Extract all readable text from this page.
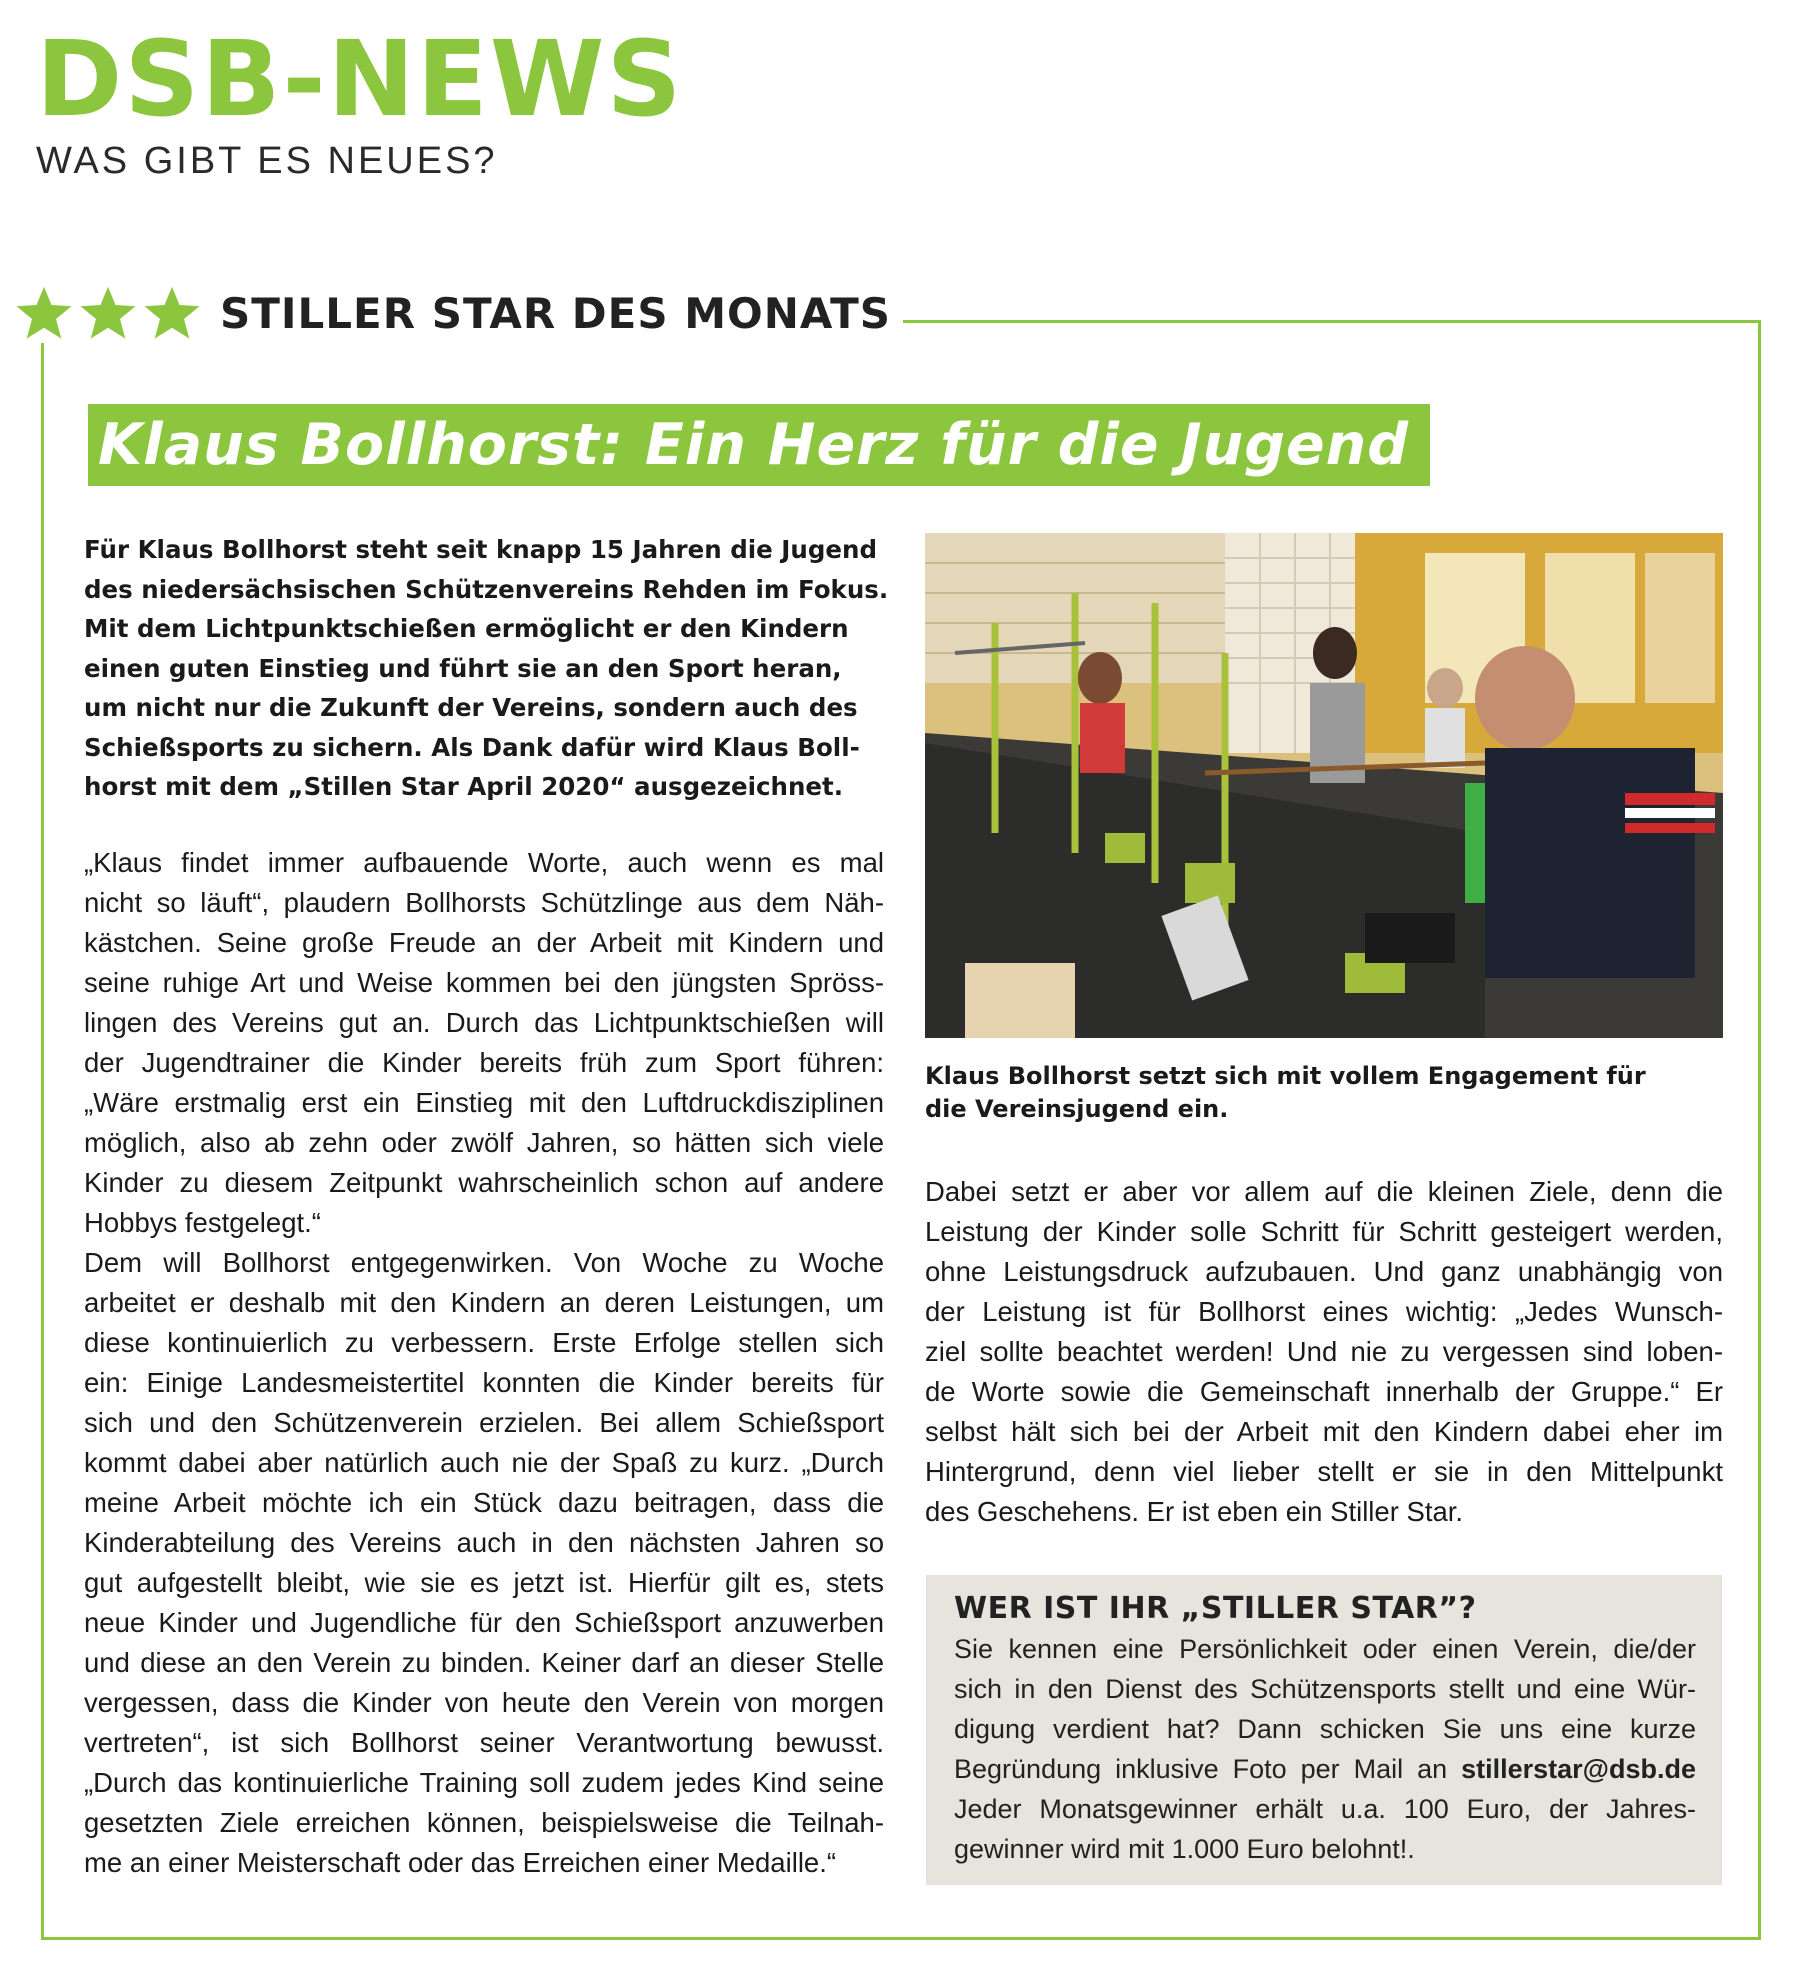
DSB-NEWS
WAS GIBT ES NEUES?
STILLER STAR DES MONATS
Klaus Bollhorst: Ein Herz für die Jugend
Für Klaus Bollhorst steht seit knapp 15 Jahren die Jugend
des niedersächsischen Schützenvereins Rehden im Fokus.
Mit dem Lichtpunktschießen ermöglicht er den Kindern
einen guten Einstieg und führt sie an den Sport heran,
um nicht nur die Zukunft der Vereins, sondern auch des
Schießsports zu sichern. Als Dank dafür wird Klaus Boll-
horst mit dem „Stillen Star April 2020“ ausgezeichnet.
„Klaus findet immer aufbauende Worte, auch wenn es mal
nicht so läuft“, plaudern Bollhorsts Schützlinge aus dem Näh-
kästchen. Seine große Freude an der Arbeit mit Kindern und
seine ruhige Art und Weise kommen bei den jüngsten Spröss-
lingen des Vereins gut an. Durch das Lichtpunktschießen will
der Jugendtrainer die Kinder bereits früh zum Sport führen:
„Wäre erstmalig erst ein Einstieg mit den Luftdruckdisziplinen
möglich, also ab zehn oder zwölf Jahren, so hätten sich viele
Kinder zu diesem Zeitpunkt wahrscheinlich schon auf andere
Hobbys festgelegt.“
Dem will Bollhorst entgegenwirken. Von Woche zu Woche
arbeitet er deshalb mit den Kindern an deren Leistungen, um
diese kontinuierlich zu verbessern. Erste Erfolge stellen sich
ein: Einige Landesmeistertitel konnten die Kinder bereits für
sich und den Schützenverein erzielen. Bei allem Schießsport
kommt dabei aber natürlich auch nie der Spaß zu kurz. „Durch
meine Arbeit möchte ich ein Stück dazu beitragen, dass die
Kinderabteilung des Vereins auch in den nächsten Jahren so
gut aufgestellt bleibt, wie sie es jetzt ist. Hierfür gilt es, stets
neue Kinder und Jugendliche für den Schießsport anzuwerben
und diese an den Verein zu binden. Keiner darf an dieser Stelle
vergessen, dass die Kinder von heute den Verein von morgen
vertreten“, ist sich Bollhorst seiner Verantwortung bewusst.
„Durch das kontinuierliche Training soll zudem jedes Kind seine
gesetzten Ziele erreichen können, beispielsweise die Teilnah-
me an einer Meisterschaft oder das Erreichen einer Medaille.“
Klaus Bollhorst setzt sich mit vollem Engagement für
die Vereinsjugend ein.
Dabei setzt er aber vor allem auf die kleinen Ziele, denn die
Leistung der Kinder solle Schritt für Schritt gesteigert werden,
ohne Leistungsdruck aufzubauen. Und ganz unabhängig von
der Leistung ist für Bollhorst eines wichtig: „Jedes Wunsch-
ziel sollte beachtet werden! Und nie zu vergessen sind loben-
de Worte sowie die Gemeinschaft innerhalb der Gruppe.“ Er
selbst hält sich bei der Arbeit mit den Kindern dabei eher im
Hintergrund, denn viel lieber stellt er sie in den Mittelpunkt
des Geschehens. Er ist eben ein Stiller Star.
WER IST IHR „STILLER STAR”?
Sie kennen eine Persönlichkeit oder einen Verein, die/der
sich in den Dienst des Schützensports stellt und eine Wür-
digung verdient hat? Dann schicken Sie uns eine kurze
Begründung inklusive Foto per Mail an stillerstar@dsb.de
Jeder Monatsgewinner erhält u.a. 100 Euro, der Jahres-
gewinner wird mit 1.000 Euro belohnt!.
